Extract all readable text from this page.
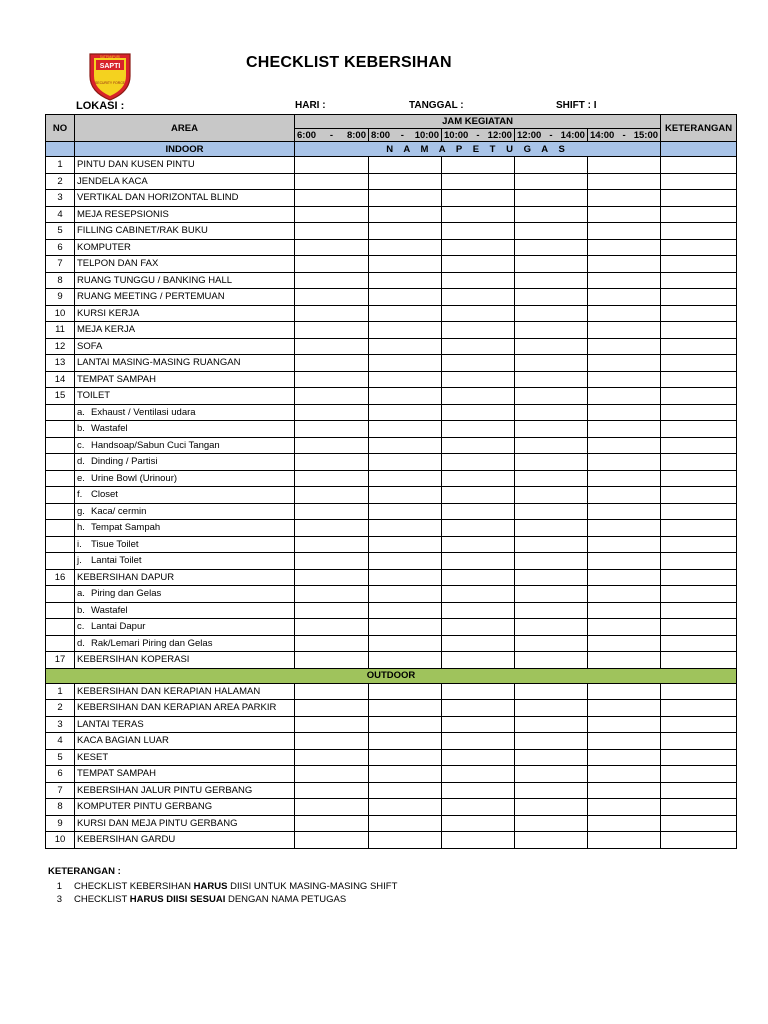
SATPAMPURI
SAPTI
SECURITY FORCE
CHECKLIST KEBERSIHAN
LOKASI :	HARI :	TANGGAL :	SHIFT : I
NO	AREA	JAM KEGIATAN					KETERANGAN

		6:00 - 8:00	8:00 - 10:00	10:00 - 12:00	12:00 - 14:00	14:00 - 15:00	

	INDOOR	N A M A P E T U G A S					
1	PINTU DAN KUSEN PINTU						
2	JENDELA KACA						
3	VERTIKAL DAN HORIZONTAL BLIND						
4	MEJA RESEPSIONIS						
5	FILLING CABINET/RAK BUKU						
6	KOMPUTER						
7	TELPON DAN FAX						
8	RUANG TUNGGU / BANKING HALL						
9	RUANG MEETING / PERTEMUAN						
10	KURSI KERJA						
11	MEJA KERJA						
12	SOFA						
13	LANTAI MASING-MASING RUANGAN						
14	TEMPAT SAMPAH						
15	TOILET						
	a. Exhaust / Ventilasi udara						
	b. Wastafel						
	c. Handsoap/Sabun Cuci Tangan						
	d. Dinding / Partisi						
	e. Urine Bowl (Urinour)						
	f. Closet						
	g. Kaca/ cermin						
	h. Tempat Sampah						
	i. Tisue Toilet						
	j. Lantai Toilet						
16	KEBERSIHAN DAPUR						
	a. Piring dan Gelas						
	b. Wastafel						
	c. Lantai Dapur						
	d. Rak/Lemari Piring dan Gelas						
17	KEBERSIHAN KOPERASI						
OUTDOOR							
1	KEBERSIHAN DAN KERAPIAN HALAMAN						
2	KEBERSIHAN DAN KERAPIAN AREA PARKIR						
3	LANTAI TERAS						
4	KACA BAGIAN LUAR						
5	KESET						
6	TEMPAT SAMPAH						
7	KEBERSIHAN JALUR PINTU GERBANG						
8	KOMPUTER PINTU GERBANG						
9	KURSI DAN MEJA PINTU GERBANG						
10	KEBERSIHAN GARDU						
KETERANGAN :
1	CHECKLIST KEBERSIHAN HARUS DIISI UNTUK MASING-MASING SHIFT
3	CHECKLIST HARUS DIISI SESUAI DENGAN NAMA PETUGAS
